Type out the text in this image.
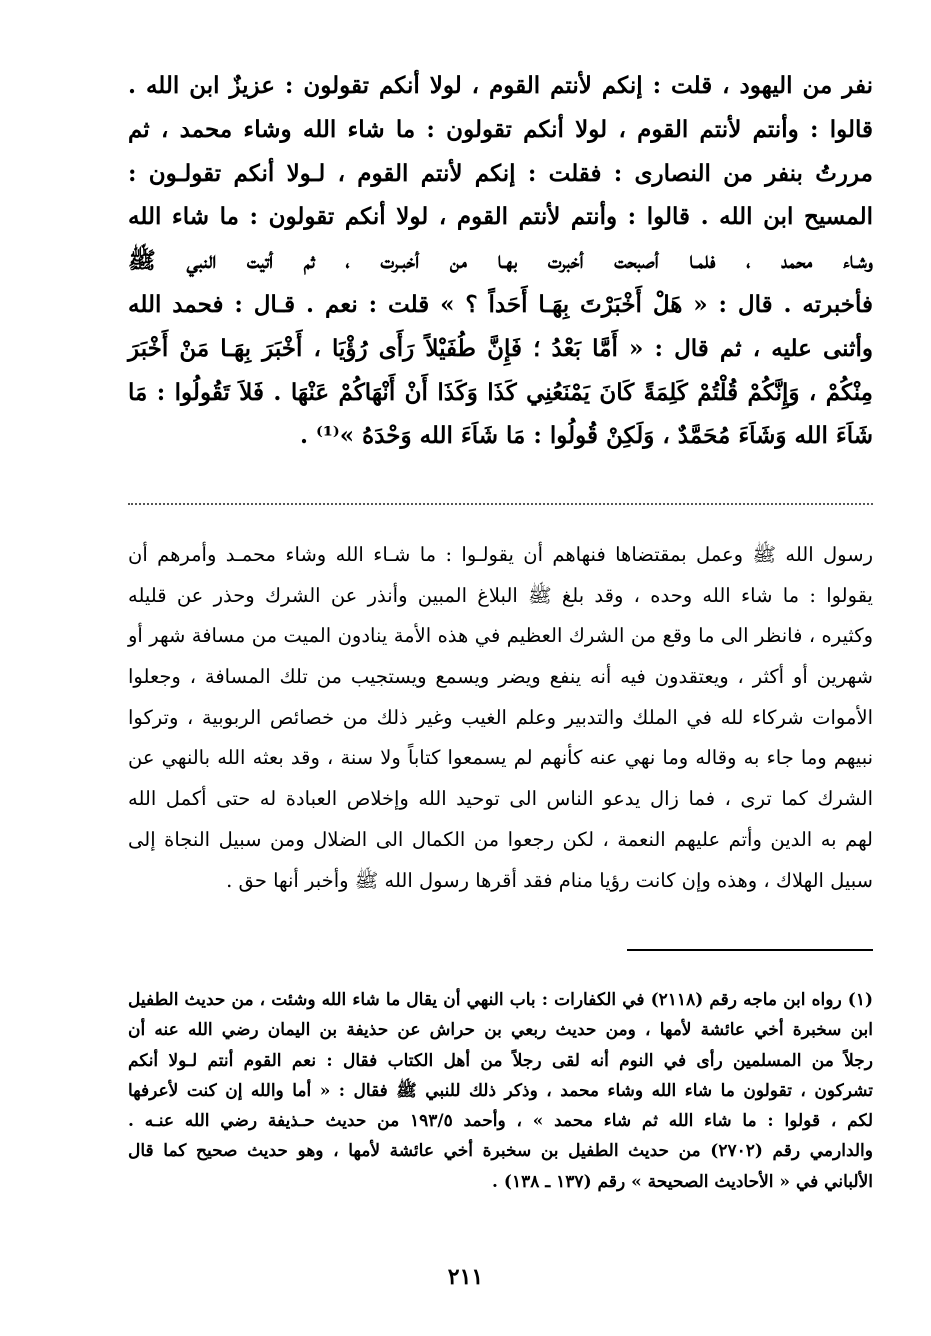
نفر من اليهود ، قلت : إنكم لأنتم القوم ، لولا أنكم تقولون : عزيزٌ ابن الله .
قالوا : وأنتم لأنتم القوم ، لولا أنكم تقولون : ما شاء الله وشاء محمد ، ثم
مررتُ بنفر من النصارى : فقلت : إنكم لأنتم القوم ، لـولا أنكم تقولـون :
المسيح ابن الله . قالوا : وأنتم لأنتم القوم ، لولا أنكم تقولون : ما شاء الله
وشـاء محمد ، فلمـا أصبحت أخبرت بهـا من أخبـرت ، ثم أتيت النبي ﷺ
فأخبرته . قال : « هَلْ أَخْبَرْتَ بِهَـا أَحَداً ؟ » قلت : نعم . قـال : فحمد الله
وأثنى عليه ، ثم قال : « أَمَّا بَعْدُ ؛ فَإِنَّ طُفَيْلاً رَأَى رُؤْيَا ، أَخْبَرَ بِهَـا مَنْ أَخْبَرَ
مِنْكُمْ ، وَإِنَّكُمْ قُلْتُمْ كَلِمَةً كَانَ يَمْنَعُنِي كَذَا وَكَذَا أَنْ أَنْهَاكُمْ عَنْهَا . فَلاَ تَقُولُوا : مَا
شَاَءَ الله وَشَاَءَ مُحَمَّدٌ ، وَلَكِنْ قُولُوا : مَا شَاَءَ الله وَحْدَهُ »⁽¹⁾ .
رسول الله ﷺ وعمل بمقتضاها فنهاهم أن يقولـوا : ما شـاء الله وشاء محمـد وأمرهم أن
يقولوا : ما شاء الله وحده ، وقد بلغ ﷺ البلاغ المبين وأنذر عن الشرك وحذر عن قليله
وكثيره ، فانظر الى ما وقع من الشرك العظيم في هذه الأمة ينادون الميت من مسافة شهر أو
شهرين أو أكثر ، ويعتقدون فيه أنه ينفع ويضر ويسمع ويستجيب من تلك المسافة ، وجعلوا
الأموات شركاء لله في الملك والتدبير وعلم الغيب وغير ذلك من خصائص الربوبية ، وتركوا
نبيهم وما جاء به وقاله وما نهي عنه كأنهم لم يسمعوا كتاباً ولا سنة ، وقد بعثه الله بالنهي عن
الشرك كما ترى ، فما زال يدعو الناس الى توحيد الله وإخلاص العبادة له حتى أكمل الله
لهم به الدين وأتم عليهم النعمة ، لكن رجعوا من الكمال الى الضلال ومن سبيل النجاة إلى
سبيل الهلاك ، وهذه وإن كانت رؤيا منام فقد أقرها رسول الله ﷺ وأخبر أنها حق .
(١) رواه ابن ماجه رقم (٢١١٨) في الكفارات : باب النهي أن يقال ما شاء الله وشئت ، من حديث الطفيل
ابن سخبرة أخي عائشة لأمها ، ومن حديث ربعي بن حراش عن حذيفة بن اليمان رضي الله عنه أن
رجلاً من المسلمين رأى في النوم أنه لقى رجلاً من أهل الكتاب فقال : نعم القوم أنتم لـولا أنكم
تشركون ، تقولون ما شاء الله وشاء محمد ، وذكر ذلك للنبي ﷺ فقال : « أما والله إن كنت لأعرفها
لكم ، قولوا : ما شاء الله ثم شاء محمد » ، وأحمد ١٩٣/٥ من حديث حـذيفة رضي الله عنـه .
والدارمي رقم (٢٧٠٢) من حديث الطفيل بن سخبرة أخي عائشة لأمها ، وهو حديث صحيح كما قال
الألباني في « الأحاديث الصحيحة » رقم (١٣٧ ـ ١٣٨) .
٢١١
